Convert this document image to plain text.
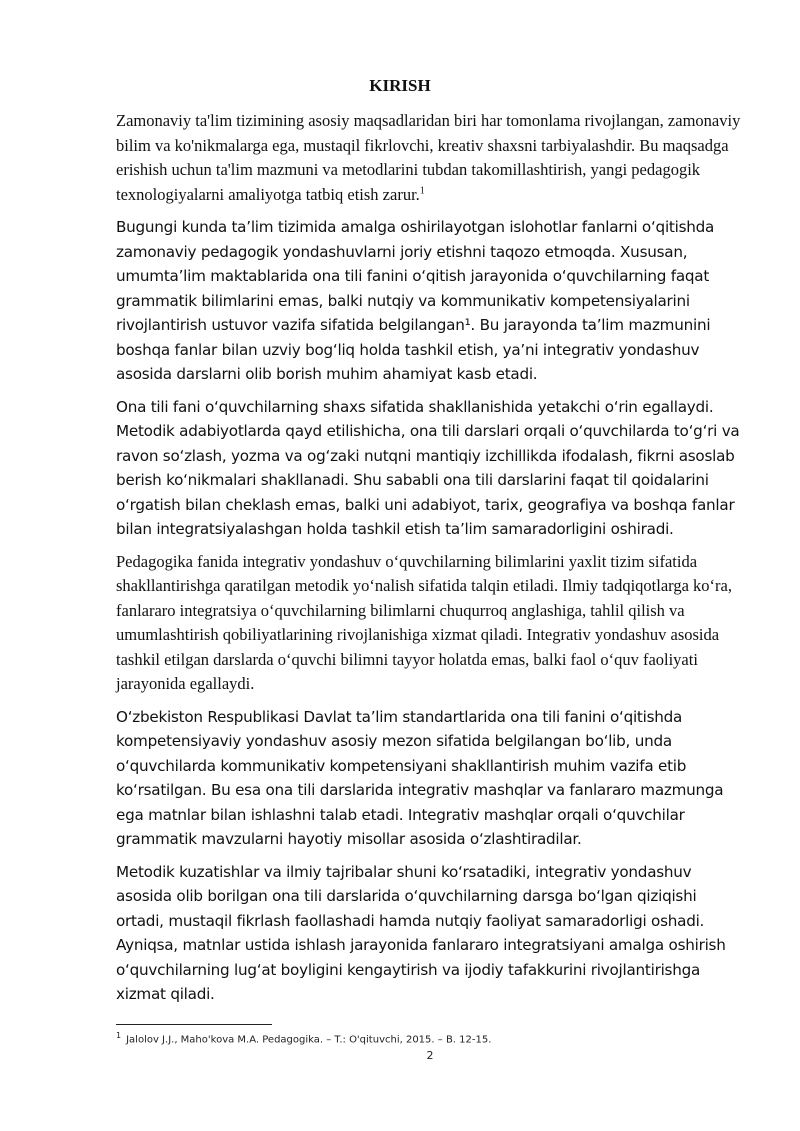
KIRISH

Zamonaviy ta'lim tizimining asosiy maqsadlaridan biri har tomonlama rivojlangan, zamonaviy bilim va ko'nikmalarga ega, mustaqil fikrlovchi, kreativ shaxsni tarbiyalashdir. Bu maqsadga erishish uchun ta'lim mazmuni va metodlarini tubdan takomillashtirish, yangi pedagogik texnologiyalarni amaliyotga tatbiq etish zarur.$^1$

Bugungi kunda ta’lim tizimida amalga oshirilayotgan islohotlar fanlarni o‘qitishda zamonaviy pedagogik yondashuvlarni joriy etishni taqozo etmoqda. Xususan, umumta’lim maktablarida ona tili fanini o‘qitish jarayonida o‘quvchilarning faqat grammatik bilimlarini emas, balki nutqiy va kommunikativ kompetensiyalarini rivojlantirish ustuvor vazifa sifatida belgilangan¹. Bu jarayonda ta’lim mazmunini boshqa fanlar bilan uzviy bog‘liq holda tashkil etish, ya’ni integrativ yondashuv asosida darslarni olib borish muhim ahamiyat kasb etadi.

Ona tili fani o‘quvchilarning shaxs sifatida shakllanishida yetakchi o‘rin egallaydi. Metodik adabiyotlarda qayd etilishicha, ona tili darslari orqali o‘quvchilarda to‘g‘ri va ravon so‘zlash, yozma va og‘zaki nutqni mantiqiy izchillikda ifodalash, fikrni asoslab berish ko‘nikmalari shakllanadi. Shu sababli ona tili darslarini faqat til qoidalarini o‘rgatish bilan cheklash emas, balki uni adabiyot, tarix, geografiya va boshqa fanlar bilan integratsiyalashgan holda tashkil etish ta’lim samaradorligini oshiradi.

Pedagogika fanida integrativ yondashuv o‘quvchilarning bilimlarini yaxlit tizim sifatida shakllantirishga qaratilgan metodik yo‘nalish sifatida talqin etiladi. Ilmiy tadqiqotlarga ko‘ra, fanlararo integratsiya o‘quvchilarning bilimlarni chuqurroq anglashiga, tahlil qilish va umumlashtirish qobiliyatlarining rivojlanishiga xizmat qiladi. Integrativ yondashuv asosida tashkil etilgan darslarda o‘quvchi bilimni tayyor holatda emas, balki faol o‘quv faoliyati jarayonida egallaydi.

O‘zbekiston Respublikasi Davlat ta’lim standartlarida ona tili fanini o‘qitishda kompetensiyaviy yondashuv asosiy mezon sifatida belgilangan bo‘lib, unda o‘quvchilarda kommunikativ kompetensiyani shakllantirish muhim vazifa etib ko‘rsatilgan. Bu esa ona tili darslarida integrativ mashqlar va fanlararo mazmunga ega matnlar bilan ishlashni talab etadi. Integrativ mashqlar orqali o‘quvchilar grammatik mavzularni hayotiy misollar asosida o‘zlashtiradilar.

Metodik kuzatishlar va ilmiy tajribalar shuni ko‘rsatadiki, integrativ yondashuv asosida olib borilgan ona tili darslarida o‘quvchilarning darsga bo‘lgan qiziqishi ortadi, mustaqil fikrlash faollashadi hamda nutqiy faoliyat samaradorligi oshadi. Ayniqsa, matnlar ustida ishlash jarayonida fanlararo integratsiyani amalga oshirish o‘quvchilarning lug‘at boyligini kengaytirish va ijodiy tafakkurini rivojlantirishga xizmat qiladi.

$^1$ Jalolov J.J., Maho'kova M.A. Pedagogika. – T.: O'qituvchi, 2015. – B. 12-15.

2
